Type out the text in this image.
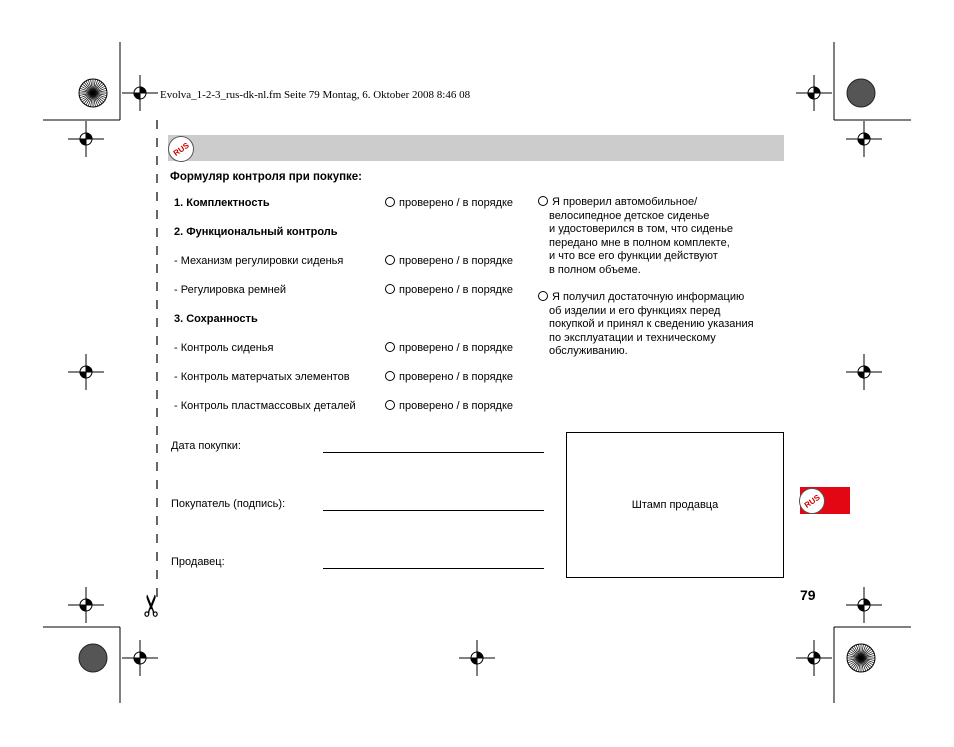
Evolva_1-2-3_rus-dk-nl.fm Seite 79 Montag, 6. Oktober 2008 8:46 08
RUS
Формуляр контроля при покупке:
1. Комплектность	проверено / в порядке
2. Функциональный контроль
- Механизм регулировки сиденья	проверено / в порядке
- Регулировка ремней	проверено / в порядке
3. Сохранность
- Контроль сиденья	проверено / в порядке
- Контроль матерчатых элементов	проверено / в порядке
- Контроль пластмассовых деталей	проверено / в порядке
Я проверил автомобильное/
велосипедное детское сиденье
и удостоверился в том, что сиденье
передано мне в полном комплекте,
и что все его функции действуют
в полном объеме.
Я получил достаточную информацию
об изделии и его функциях перед
покупкой и принял к сведению указания
по эксплуатации и техническому
обслуживанию.
Дата покупки:
Покупатель (подпись):
Продавец:
Штамп продавца	RUS
79
✂
